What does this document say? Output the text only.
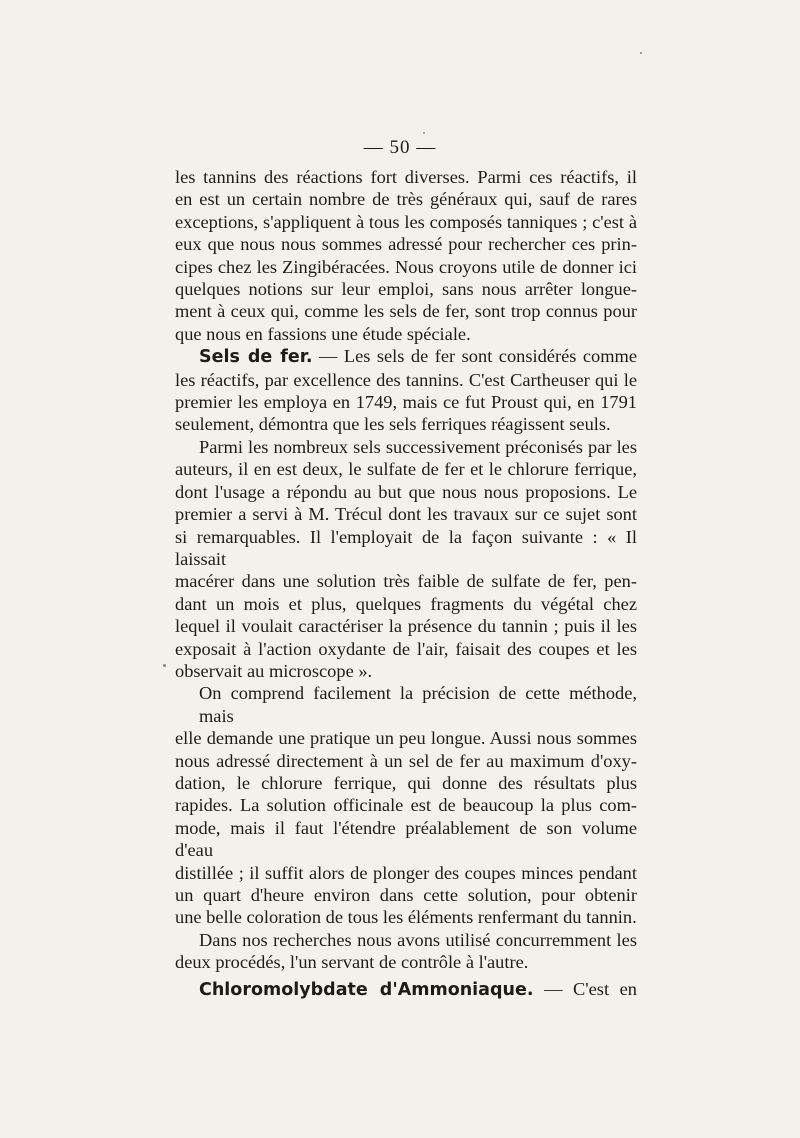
— 50 —

les tannins des réactions fort diverses. Parmi ces réactifs, il
en est un certain nombre de très généraux qui, sauf de rares
exceptions, s'appliquent à tous les composés tanniques ; c'est à
eux que nous nous sommes adressé pour rechercher ces prin-
cipes chez les Zingibéracées. Nous croyons utile de donner ici
quelques notions sur leur emploi, sans nous arrêter longue-
ment à ceux qui, comme les sels de fer, sont trop connus pour
que nous en fassions une étude spéciale.

Sels de fer. — Les sels de fer sont considérés comme
les réactifs, par excellence des tannins. C'est Cartheuser qui le
premier les employa en 1749, mais ce fut Proust qui, en 1791
seulement, démontra que les sels ferriques réagissent seuls.

Parmi les nombreux sels successivement préconisés par les
auteurs, il en est deux, le sulfate de fer et le chlorure ferrique,
dont l'usage a répondu au but que nous nous proposions. Le
premier a servi à M. Trécul dont les travaux sur ce sujet sont
si remarquables. Il l'employait de la façon suivante : « Il laissait
macérer dans une solution très faible de sulfate de fer, pen-
dant un mois et plus, quelques fragments du végétal chez
lequel il voulait caractériser la présence du tannin ; puis il les
exposait à l'action oxydante de l'air, faisait des coupes et les
observait au microscope ».

On comprend facilement la précision de cette méthode, mais
elle demande une pratique un peu longue. Aussi nous sommes
nous adressé directement à un sel de fer au maximum d'oxy-
dation, le chlorure ferrique, qui donne des résultats plus
rapides. La solution officinale est de beaucoup la plus com-
mode, mais il faut l'étendre préalablement de son volume d'eau
distillée ; il suffit alors de plonger des coupes minces pendant
un quart d'heure environ dans cette solution, pour obtenir
une belle coloration de tous les éléments renfermant du tannin.

Dans nos recherches nous avons utilisé concurremment les
deux procédés, l'un servant de contrôle à l'autre.

Chloromolybdate d'Ammoniaque. — C'est en
